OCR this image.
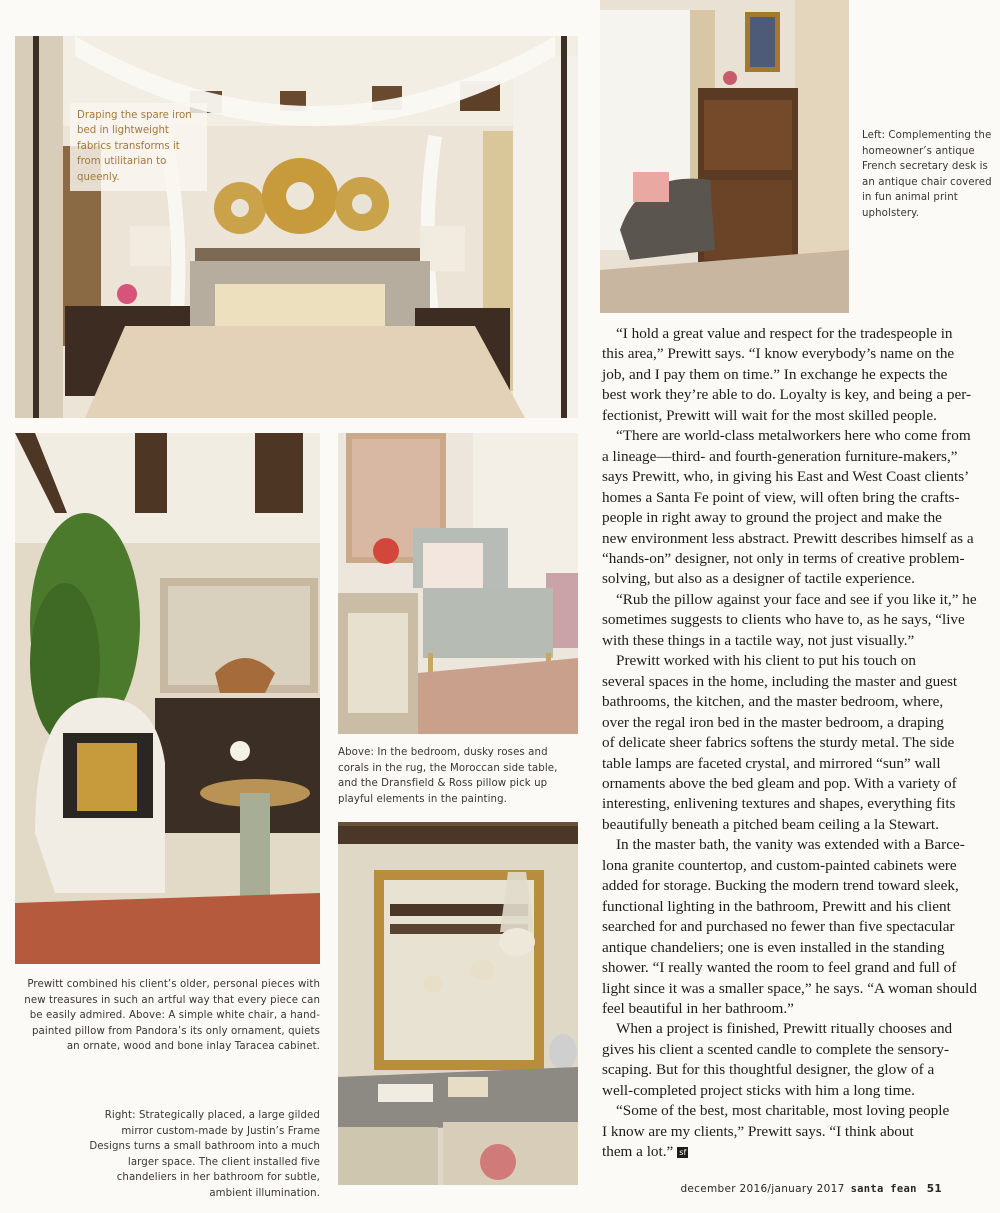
Draping the spare iron bed in lightweight fabrics transforms it from utilitarian to queenly.
Left: Complementing the homeowner’s antique French secretary desk is an antique chair covered in fun animal print upholstery.
Prewitt combined his client’s older, personal pieces with new treasures in such an artful way that every piece can be easily admired. Above: A simple white chair, a hand-painted pillow from Pandora’s its only ornament, quiets an ornate, wood and bone inlay Taracea cabinet.
Above: In the bedroom, dusky roses and corals in the rug, the Moroccan side table, and the Dransfield & Ross pillow pick up playful elements in the painting.
Right: Strategically placed, a large gilded mirror custom-made by Justin’s Frame Designs turns a small bathroom into a much larger space. The client installed five chandeliers in her bathroom for subtle, ambient illumination.

“I hold a great value and respect for the tradespeople in

this area,” Prewitt says. “I know everybody’s name on the

job, and I pay them on time.” In exchange he expects the

best work they’re able to do. Loyalty is key, and being a per-

fectionist, Prewitt will wait for the most skilled people.

“There are world-class metalworkers here who come from

a lineage—third- and fourth-generation furniture-makers,”

says Prewitt, who, in giving his East and West Coast clients’

homes a Santa Fe point of view, will often bring the crafts-

people in right away to ground the project and make the

new environment less abstract. Prewitt describes himself as a

“hands-on” designer, not only in terms of creative problem-

solving, but also as a designer of tactile experience.

“Rub the pillow against your face and see if you like it,” he

sometimes suggests to clients who have to, as he says, “live

with these things in a tactile way, not just visually.”

Prewitt worked with his client to put his touch on

several spaces in the home, including the master and guest

bathrooms, the kitchen, and the master bedroom, where,

over the regal iron bed in the master bedroom, a draping

of delicate sheer fabrics softens the sturdy metal. The side

table lamps are faceted crystal, and mirrored “sun” wall

ornaments above the bed gleam and pop. With a variety of

interesting, enlivening textures and shapes, everything fits

beautifully beneath a pitched beam ceiling a la Stewart.

In the master bath, the vanity was extended with a Barce-

lona granite countertop, and custom-painted cabinets were

added for storage. Bucking the modern trend toward sleek,

functional lighting in the bathroom, Prewitt and his client

searched for and purchased no fewer than five spectacular

antique chandeliers; one is even installed in the standing

shower. “I really wanted the room to feel grand and full of

light since it was a smaller space,” he says. “A woman should

feel beautiful in her bathroom.”

When a project is finished, Prewitt ritually chooses and

gives his client a scented candle to complete the sensory-

scaping. But for this thoughtful designer, the glow of a

well-completed project sticks with him a long time.

“Some of the best, most charitable, most loving people

I know are my clients,” Prewitt says. “I think about

them a lot.” sf

december 2016/january 2017 santa fean 51
